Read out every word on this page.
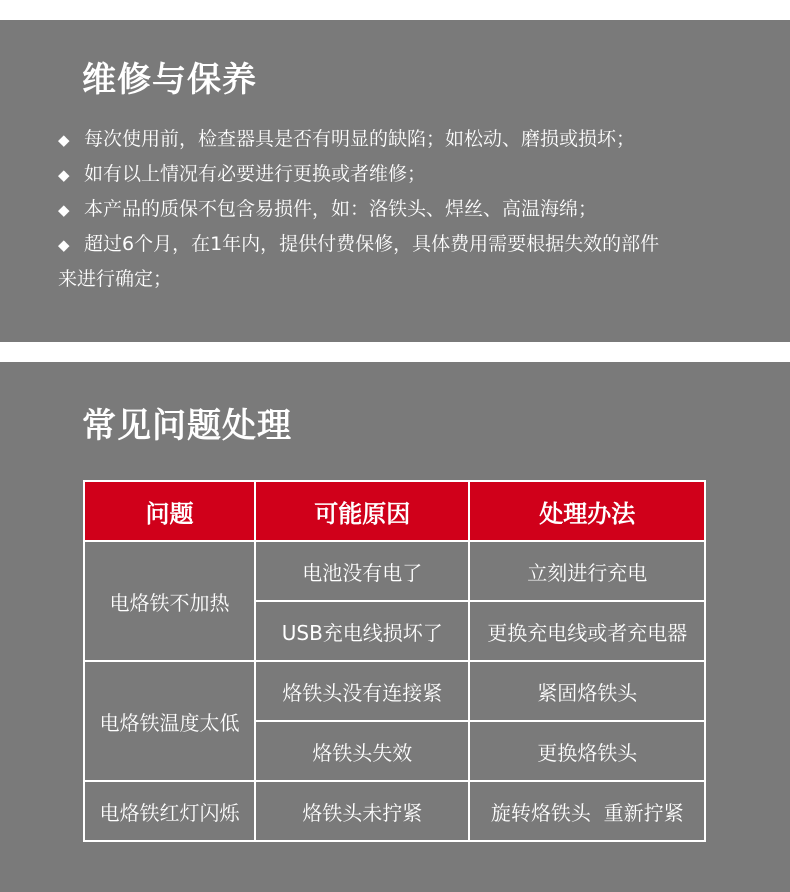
维修与保养
◆ 每次使用前，检查器具是否有明显的缺陷；如松动、磨损或损坏；
◆ 如有以上情况有必要进行更换或者维修；
◆ 本产品的质保不包含易损件，如：洛铁头、焊丝、高温海绵；
◆ 超过6个月，在1年内，提供付费保修，具体费用需要根据失效的部件
来进行确定；
常见问题处理
问题	可能原因	处理办法
电烙铁不加热	电池没有电了	立刻进行充电
	USB充电线损坏了	更换充电线或者充电器
电烙铁温度太低	烙铁头没有连接紧	紧固烙铁头
	烙铁头失效	更换烙铁头
电烙铁红灯闪烁	烙铁头未拧紧	旋转烙铁头  重新拧紧
